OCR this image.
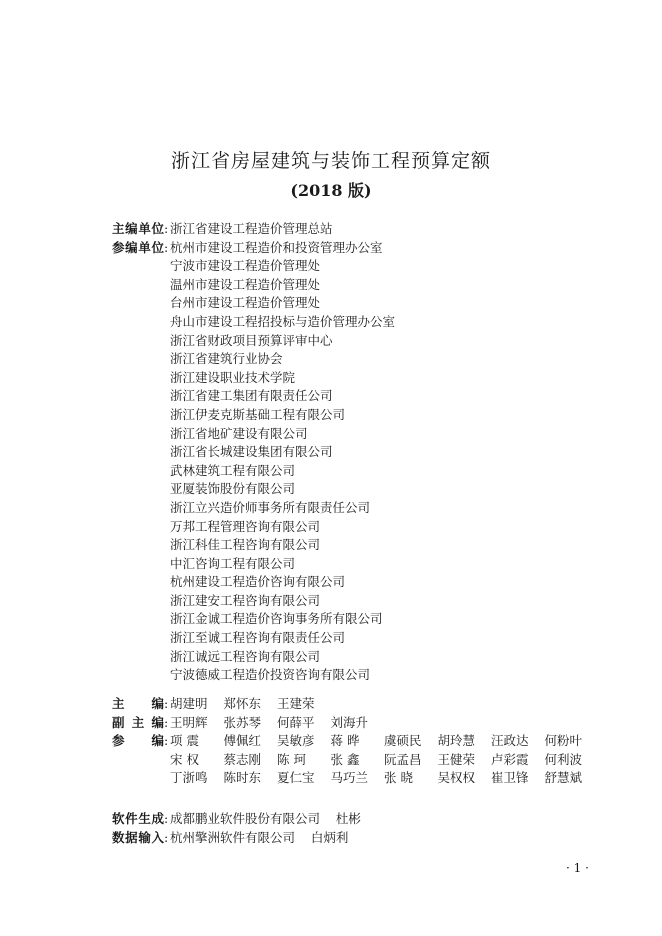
浙江省房屋建筑与装饰工程预算定额
(2018 版)
主编单位 : 浙江省建设工程造价管理总站
参编单位 : 杭州市建设工程造价和投资管理办公室
宁波市建设工程造价管理处
温州市建设工程造价管理处
台州市建设工程造价管理处
舟山市建设工程招投标与造价管理办公室
浙江省财政项目预算评审中心
浙江省建筑行业协会
浙江建设职业技术学院
浙江省建工集团有限责任公司
浙江伊麦克斯基础工程有限公司
浙江省地矿建设有限公司
浙江省长城建设集团有限公司
武林建筑工程有限公司
亚厦装饰股份有限公司
浙江立兴造价师事务所有限责任公司
万邦工程管理咨询有限公司
浙江科佳工程咨询有限公司
中汇咨询工程有限公司
杭州建设工程造价咨询有限公司
浙江建安工程咨询有限公司
浙江金诚工程造价咨询事务所有限公司
浙江至诚工程咨询有限责任公司
浙江诚远工程咨询有限公司
宁波德威工程造价投资咨询有限公司
主编 : 胡建明	郑怀东	王建荣
副主编 : 王明辉	张苏琴	何薛平	刘海升
参编 : 项 震	傅佩红	吴敏彦	蒋 晔	虞硕民	胡玲慧	汪政达	何粉叶
宋 权	蔡志刚	陈 珂	张 鑫	阮孟昌	王健荣	卢彩霞	何利波
丁浙鸣	陈时东	夏仁宝	马巧兰	张 晓	吴权权	崔卫锋	舒慧斌
软件生成 : 成都鹏业软件股份有限公司    杜彬
数据输入 : 杭州擎洲软件有限公司    白炳利
· 1 ·
